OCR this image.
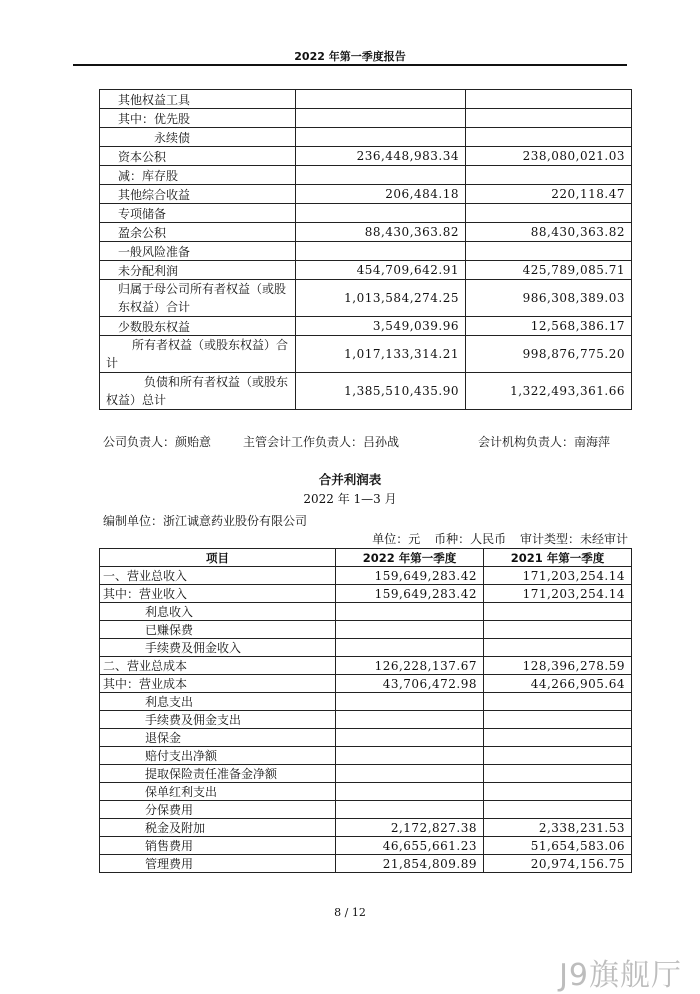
2022 年第一季度报告
其他权益工具		
其中：优先股		
永续债		
资本公积	236,448,983.34	238,080,021.03
减：库存股		
其他综合收益	206,484.18	220,118.47
专项储备		
盈余公积	88,430,363.82	88,430,363.82
一般风险准备		
未分配利润	454,709,642.91	425,789,085.71
归属于母公司所有者权益（或股东权益）合计	1,013,584,274.25	986,308,389.03
少数股东权益	3,549,039.96	12,568,386.17
所有者权益（或股东权益）合计	1,017,133,314.21	998,876,775.20
负债和所有者权益（或股东权益）总计	1,385,510,435.90	1,322,493,361.66
公司负责人：颜贻意	主管会计工作负责人：吕孙战	会计机构负责人：南海萍
合并利润表
2022 年 1—3 月
编制单位：浙江诚意药业股份有限公司
单位：元 币种：人民币 审计类型：未经审计
项目	2022 年第一季度	2021 年第一季度
一、营业总收入	159,649,283.42	171,203,254.14
其中：营业收入	159,649,283.42	171,203,254.14
利息收入		
已赚保费		
手续费及佣金收入		
二、营业总成本	126,228,137.67	128,396,278.59
其中：营业成本	43,706,472.98	44,266,905.64
利息支出		
手续费及佣金支出		
退保金		
赔付支出净额		
提取保险责任准备金净额		
保单红利支出		
分保费用		
税金及附加	2,172,827.38	2,338,231.53
销售费用	46,655,661.23	51,654,583.06
管理费用	21,854,809.89	20,974,156.75
8 / 12
J9旗舰厅
